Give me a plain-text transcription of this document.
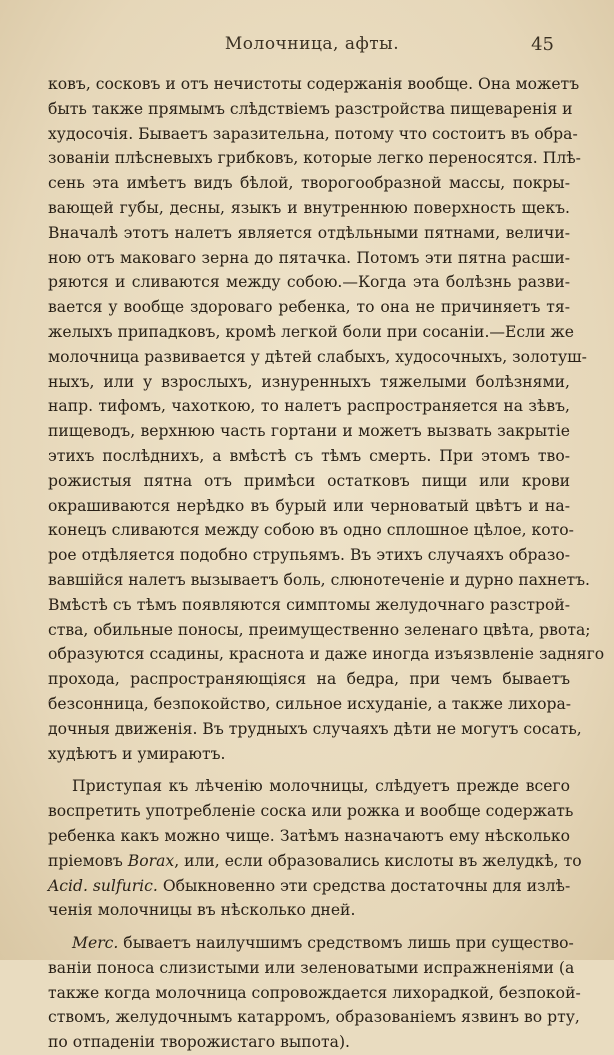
Молочница, афты.	45

ковъ, сосковъ и отъ нечистоты содержанія вообще. Она можетъ
быть также прямымъ слѣдствіемъ разстройства пищеваренія и
худосочія. Бываетъ заразительна, потому что состоитъ въ обра-
зованіи плѣсневыхъ грибковъ, которые легко переносятся. Плѣ-
сень эта имѣетъ видъ бѣлой, творогообразной массы, покры-
вающей губы, десны, языкъ и внутреннюю поверхность щекъ.
Вначалѣ этотъ налетъ является отдѣльными пятнами, величи-
ною отъ маковаго зерна до пятачка. Потомъ эти пятна расши-
ряются и сливаются между собою.—Когда эта болѣзнь разви-
вается у вообще здороваго ребенка, то она не причиняетъ тя-
желыхъ припадковъ, кромѣ легкой боли при сосаніи.—Если же
молочница развивается у дѣтей слабыхъ, худосочныхъ, золотуш-
ныхъ, или у взрослыхъ, изнуренныхъ тяжелыми болѣзнями,
напр. тифомъ, чахоткою, то налетъ распространяется на зѣвъ,
пищеводъ, верхнюю часть гортани и можетъ вызвать закрытіе
этихъ послѣднихъ, а вмѣстѣ съ тѣмъ смерть. При этомъ тво-
рожистыя пятна отъ примѣси остатковъ пищи или крови
окрашиваются нерѣдко въ бурый или черноватый цвѣтъ и на-
конецъ сливаются между собою въ одно сплошное цѣлое, кото-
рое отдѣляется подобно струпьямъ. Въ этихъ случаяхъ образо-
вавшійся налетъ вызываетъ боль, слюнотеченіе и дурно пахнетъ.
Вмѣстѣ съ тѣмъ появляются симптомы желудочнаго разстрой-
ства, обильные поносы, преимущественно зеленаго цвѣта, рвота;
образуются ссадины, краснота и даже иногда изъязвленіе задняго
прохода, распространяющіяся на бедра, при чемъ бываетъ
безсонница, безпокойство, сильное исхуданіе, а также лихора-
дочныя движенія. Въ трудныхъ случаяхъ дѣти не могутъ сосать,
худѣютъ и умираютъ.

Приступая къ лѣченію молочницы, слѣдуетъ прежде всего
воспретить употребленіе соска или рожка и вообще содержать
ребенка какъ можно чище. Затѣмъ назначаютъ ему нѣсколько
пріемовъ Borax, или, если образовались кислоты въ желудкѣ, то
Acid. sulfuric. Обыкновенно эти средства достаточны для излѣ-
ченія молочницы въ нѣсколько дней.

Merc. бываетъ наилучшимъ средствомъ лишь при существо-
ваніи поноса слизистыми или зеленоватыми испражненіями (а
также когда молочница сопровождается лихорадкой, безпокой-
ствомъ, желудочнымъ катарромъ, образованіемъ язвинъ во рту,
по отпаденіи творожистаго выпота).
